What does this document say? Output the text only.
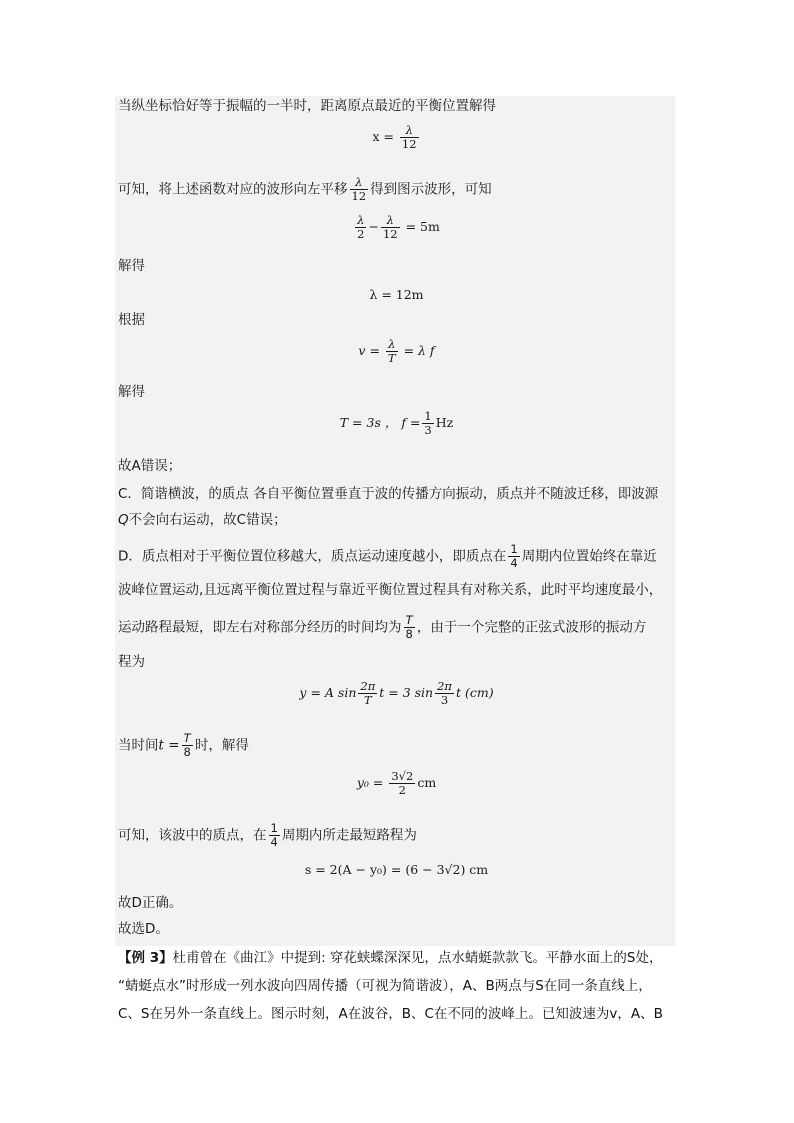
当纵坐标恰好等于振幅的一半时，距离原点最近的平衡位置解得
$x = \frac{\lambda}{12}$
可知，将上述函数对应的波形向左平移 $\frac{\lambda}{12}$ 得到图示波形，可知
$\frac{\lambda}{2} - \frac{\lambda}{12} = 5m$
解得
λ = 12m
根据
$v = \frac{\lambda}{T} = \lambda$ f
解得
T = 3s ， $f = \frac{1}{3}$ Hz
故A错误；
C．简谐横波，的质点 各自平衡位置垂直于波的传播方向振动，质点并不随波迁移，即波源
Q不会向右运动，故C错误；
D．质点相对于平衡位置位移越大，质点运动速度越小，即质点在 $\frac{1}{4}$ 周期内位置始终在靠近
波峰位置运动,且远离平衡位置过程与靠近平衡位置过程具有对称关系，此时平均速度最小，
运动路程最短，即左右对称部分经历的时间均为 $\frac{T}{8}$ ，由于一个完整的正弦式波形的振动方
程为
y = A $\sin \frac{2\pi}{T}$ t = 3 $\sin \frac{2\pi}{3}$ t (cm)
当时间$t = \frac{T}{8}$ 时，解得
$y_0 = \frac{3√2}{2}$ cm
可知，该波中的质点，在 $\frac{1}{4}$ 周期内所走最短路程为
s = 2(A − y₀) = (6 − 3√2) cm
故D正确。
故选D。
【例 3】杜甫曾在《曲江》中提到: 穿花蛱蝶深深见，点水蜻蜓款款飞。平静水面上的S处，
“蜻蜓点水”时形成一列水波向四周传播（可视为简谐波），A、B两点与S在同一条直线上，
C、S在另外一条直线上。图示时刻，A在波谷，B、C在不同的波峰上。已知波速为v，A、B
